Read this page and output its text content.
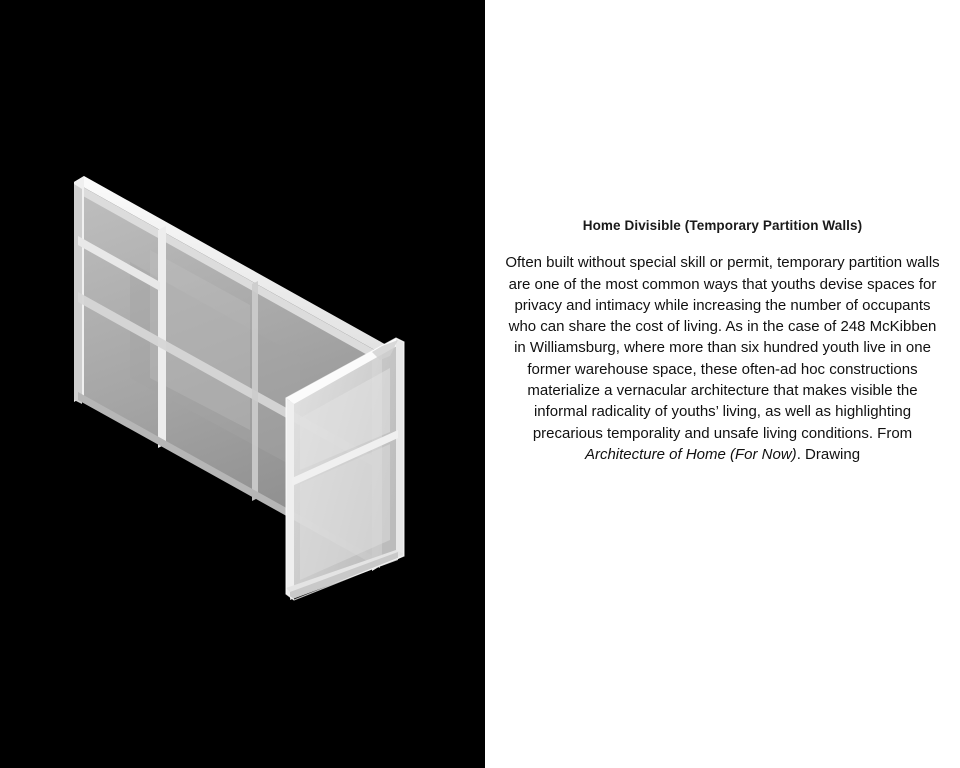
Home Divisible (Temporary Partition Walls)

Often built without special skill or permit, temporary partition walls are one of the most common ways that youths devise spaces for privacy and intimacy while increasing the number of occupants who can share the cost of living. As in the case of 248 McKibben in Williamsburg, where more than six hundred youth live in one former warehouse space, these often-ad hoc constructions materialize a vernacular architecture that makes visible the informal radicality of youths’ living, as well as highlighting precarious temporality and unsafe living conditions. From Architecture of Home (For Now). Drawing
